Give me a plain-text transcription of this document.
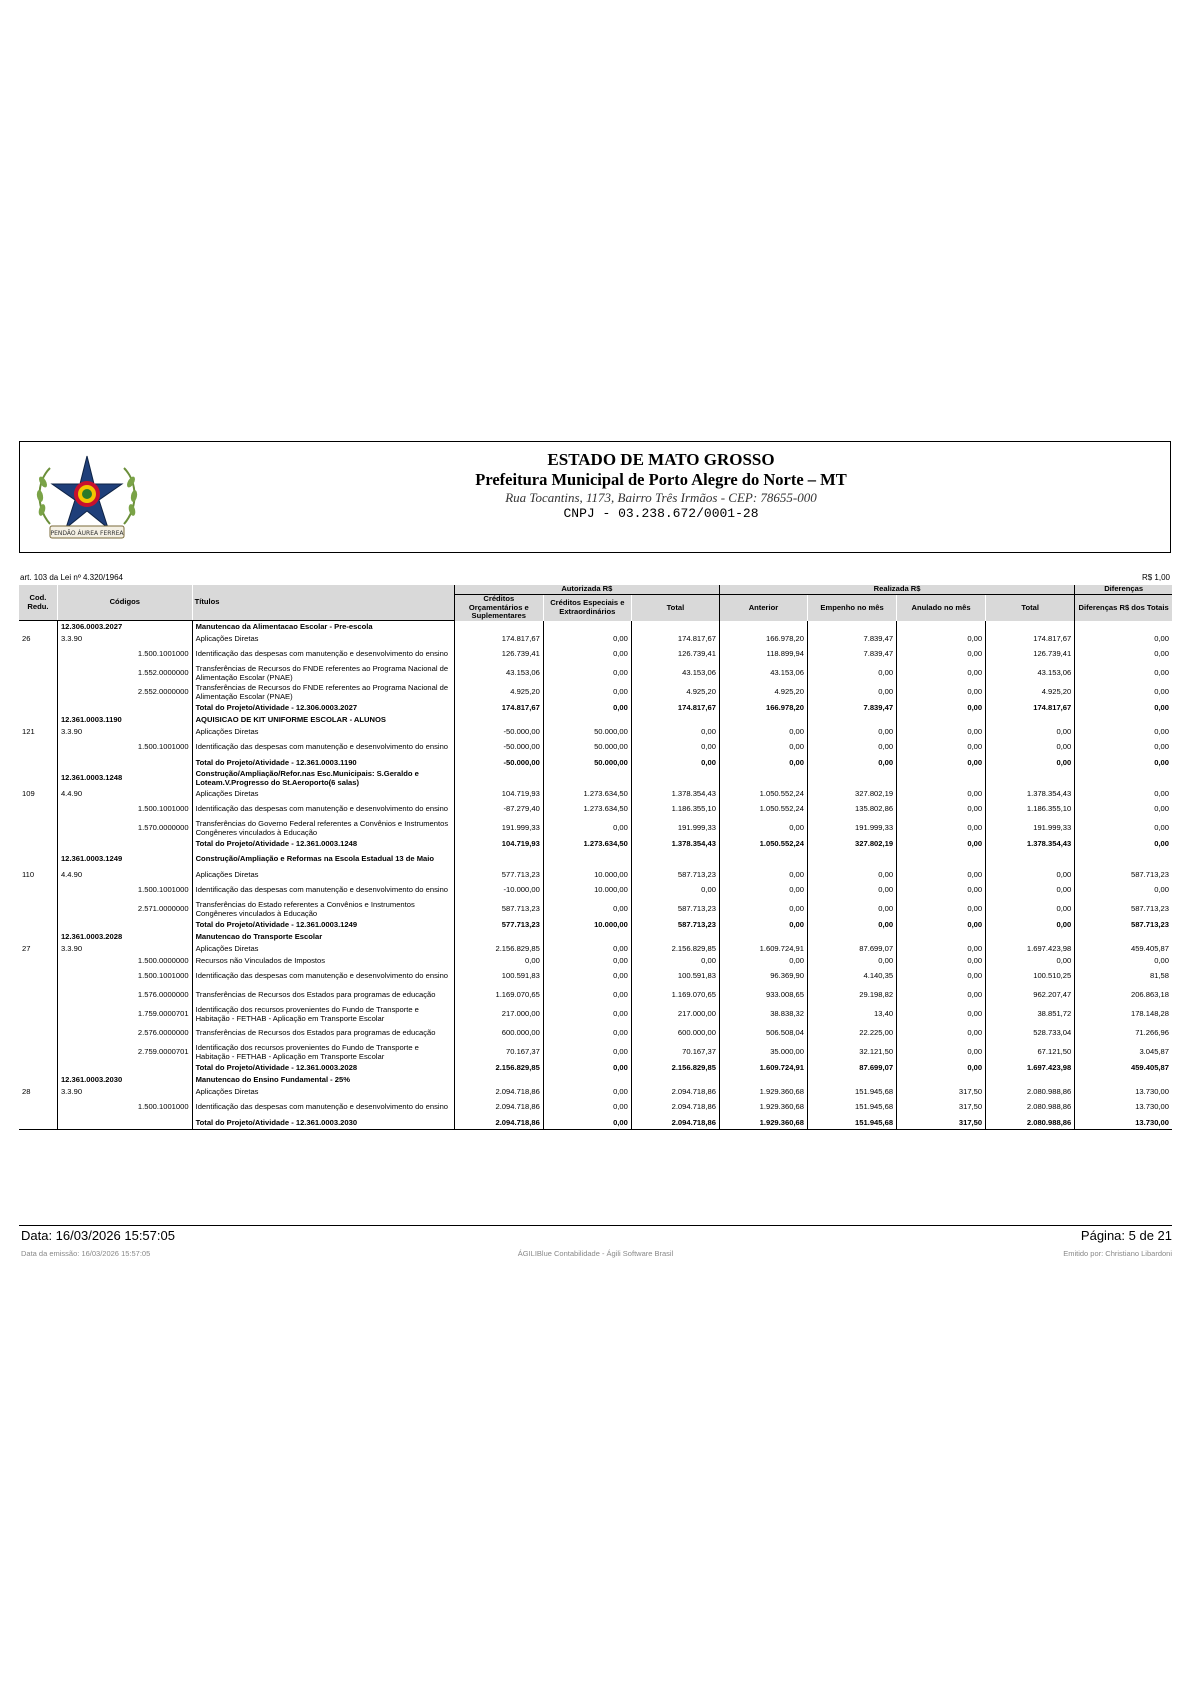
PENDÃO ÁUREA FERREA
ESTADO DE MATO GROSSO
Prefeitura Municipal de Porto Alegre do Norte – MT
Rua Tocantins, 1173, Bairro Três Irmãos - CEP: 78655-000
CNPJ - 03.238.672/0001-28
art. 103 da Lei nº 4.320/1964	R$ 1,00
Cod. Redu.	Códigos	Títulos	Autorizada R$			Realizada R$				Diferenças
			Créditos Orçamentários e Suplementares	Créditos Especiais e Extraordinários	Total	Anterior	Empenho no mês	Anulado no mês	Total	Diferenças R$ dos Totais
	12.306.0003.2027	Manutencao da Alimentacao Escolar - Pre-escola								
26	3.3.90	Aplicações Diretas	174.817,67	0,00	174.817,67	166.978,20	7.839,47	0,00	174.817,67	0,00
	1.500.1001000	Identificação das despesas com manutenção e desenvolvimento do ensino	126.739,41	0,00	126.739,41	118.899,94	7.839,47	0,00	126.739,41	0,00
	1.552.0000000	Transferências de Recursos do FNDE referentes ao Programa Nacional de Alimentação Escolar (PNAE)	43.153,06	0,00	43.153,06	43.153,06	0,00	0,00	43.153,06	0,00
	2.552.0000000	Transferências de Recursos do FNDE referentes ao Programa Nacional de Alimentação Escolar (PNAE)	4.925,20	0,00	4.925,20	4.925,20	0,00	0,00	4.925,20	0,00
		Total do Projeto/Atividade - 12.306.0003.2027	174.817,67	0,00	174.817,67	166.978,20	7.839,47	0,00	174.817,67	0,00
	12.361.0003.1190	AQUISICAO DE KIT UNIFORME ESCOLAR - ALUNOS								
121	3.3.90	Aplicações Diretas	-50.000,00	50.000,00	0,00	0,00	0,00	0,00	0,00	0,00
	1.500.1001000	Identificação das despesas com manutenção e desenvolvimento do ensino	-50.000,00	50.000,00	0,00	0,00	0,00	0,00	0,00	0,00
		Total do Projeto/Atividade - 12.361.0003.1190	-50.000,00	50.000,00	0,00	0,00	0,00	0,00	0,00	0,00
	12.361.0003.1248	Construção/Ampliação/Refor.nas Esc.Municipais: S.Geraldo e Loteam.V.Progresso do St.Aeroporto(6 salas)								
109	4.4.90	Aplicações Diretas	104.719,93	1.273.634,50	1.378.354,43	1.050.552,24	327.802,19	0,00	1.378.354,43	0,00
	1.500.1001000	Identificação das despesas com manutenção e desenvolvimento do ensino	-87.279,40	1.273.634,50	1.186.355,10	1.050.552,24	135.802,86	0,00	1.186.355,10	0,00
	1.570.0000000	Transferências do Governo Federal referentes a Convênios e Instrumentos Congêneres vinculados à Educação	191.999,33	0,00	191.999,33	0,00	191.999,33	0,00	191.999,33	0,00
		Total do Projeto/Atividade - 12.361.0003.1248	104.719,93	1.273.634,50	1.378.354,43	1.050.552,24	327.802,19	0,00	1.378.354,43	0,00
	12.361.0003.1249	Construção/Ampliação e Reformas na Escola Estadual 13 de Maio								
110	4.4.90	Aplicações Diretas	577.713,23	10.000,00	587.713,23	0,00	0,00	0,00	0,00	587.713,23
	1.500.1001000	Identificação das despesas com manutenção e desenvolvimento do ensino	-10.000,00	10.000,00	0,00	0,00	0,00	0,00	0,00	0,00
	2.571.0000000	Transferências do Estado referentes a Convênios e Instrumentos Congêneres vinculados à Educação	587.713,23	0,00	587.713,23	0,00	0,00	0,00	0,00	587.713,23
		Total do Projeto/Atividade - 12.361.0003.1249	577.713,23	10.000,00	587.713,23	0,00	0,00	0,00	0,00	587.713,23
	12.361.0003.2028	Manutencao do Transporte Escolar								
27	3.3.90	Aplicações Diretas	2.156.829,85	0,00	2.156.829,85	1.609.724,91	87.699,07	0,00	1.697.423,98	459.405,87
	1.500.0000000	Recursos não Vinculados de Impostos	0,00	0,00	0,00	0,00	0,00	0,00	0,00	0,00
	1.500.1001000	Identificação das despesas com manutenção e desenvolvimento do ensino	100.591,83	0,00	100.591,83	96.369,90	4.140,35	0,00	100.510,25	81,58
	1.576.0000000	Transferências de Recursos dos Estados para programas de educação	1.169.070,65	0,00	1.169.070,65	933.008,65	29.198,82	0,00	962.207,47	206.863,18
	1.759.0000701	Identificação dos recursos provenientes do Fundo de Transporte e Habitação - FETHAB - Aplicação em Transporte Escolar	217.000,00	0,00	217.000,00	38.838,32	13,40	0,00	38.851,72	178.148,28
	2.576.0000000	Transferências de Recursos dos Estados para programas de educação	600.000,00	0,00	600.000,00	506.508,04	22.225,00	0,00	528.733,04	71.266,96
	2.759.0000701	Identificação dos recursos provenientes do Fundo de Transporte e Habitação - FETHAB - Aplicação em Transporte Escolar	70.167,37	0,00	70.167,37	35.000,00	32.121,50	0,00	67.121,50	3.045,87
		Total do Projeto/Atividade - 12.361.0003.2028	2.156.829,85	0,00	2.156.829,85	1.609.724,91	87.699,07	0,00	1.697.423,98	459.405,87
	12.361.0003.2030	Manutencao do Ensino Fundamental - 25%								
28	3.3.90	Aplicações Diretas	2.094.718,86	0,00	2.094.718,86	1.929.360,68	151.945,68	317,50	2.080.988,86	13.730,00
	1.500.1001000	Identificação das despesas com manutenção e desenvolvimento do ensino	2.094.718,86	0,00	2.094.718,86	1.929.360,68	151.945,68	317,50	2.080.988,86	13.730,00
		Total do Projeto/Atividade - 12.361.0003.2030	2.094.718,86	0,00	2.094.718,86	1.929.360,68	151.945,68	317,50	2.080.988,86	13.730,00
Data: 16/03/2026 15:57:05	Página: 5 de 21
Data da emissão: 16/03/2026 15:57:05	ÁGILIBlue Contabilidade - Ágili Software Brasil	Emitido por: Christiano Libardoni
